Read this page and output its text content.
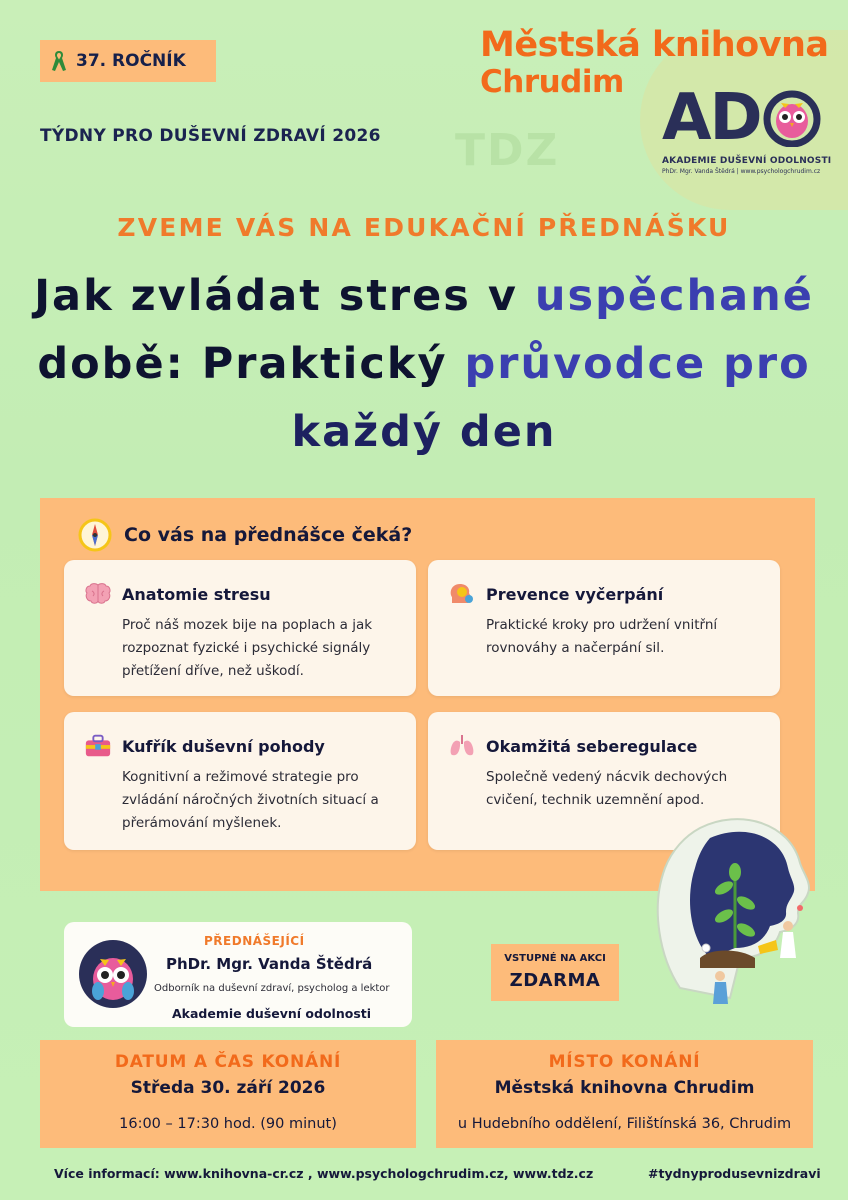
37. ROČNÍK
TÝDNY PRO DUŠEVNÍ ZDRAVÍ 2026 TDZ
Městská knihovna
Chrudim AD
AKADEMIE DUŠEVNÍ ODOLNOSTI
PhDr. Mgr. Vanda Štědrá | www.psychologchrudim.cz
ZVEME VÁS NA EDUKAČNÍ PŘEDNÁŠKU
Jak zvládat stres v uspěchané
době: Praktický průvodce pro
každý den
Co vás na přednášce čeká?
Anatomie stresu
Proč náš mozek bije na poplach a jak rozpoznat fyzické i psychické signály přetížení dříve, než uškodí.
Prevence vyčerpání
Praktické kroky pro udržení vnitřní rovnováhy a načerpání sil.
Kufřík duševní pohody
Kognitivní a režimové strategie pro zvládání náročných životních situací a přerámování myšlenek.
Okamžitá seberegulace
Společně vedený nácvik dechových cvičení, technik uzemnění apod.
PŘEDNÁŠEJÍCÍ
PhDr. Mgr. Vanda Štědrá
Odborník na duševní zdraví, psycholog a lektor
Akademie duševní odolnosti
VSTUPNÉ NA AKCI
ZDARMA
DATUM A ČAS KONÁNÍ
Středa 30. září 2026
16:00 – 17:30 hod. (90 minut)
MÍSTO KONÁNÍ
Městská knihovna Chrudim
u Hudebního oddělení, Filištínská 36, Chrudim
Více informací: www.knihovna-cr.cz , www.psychologchrudim.cz, www.tdz.cz	#tydnyprodusevnizdravi
